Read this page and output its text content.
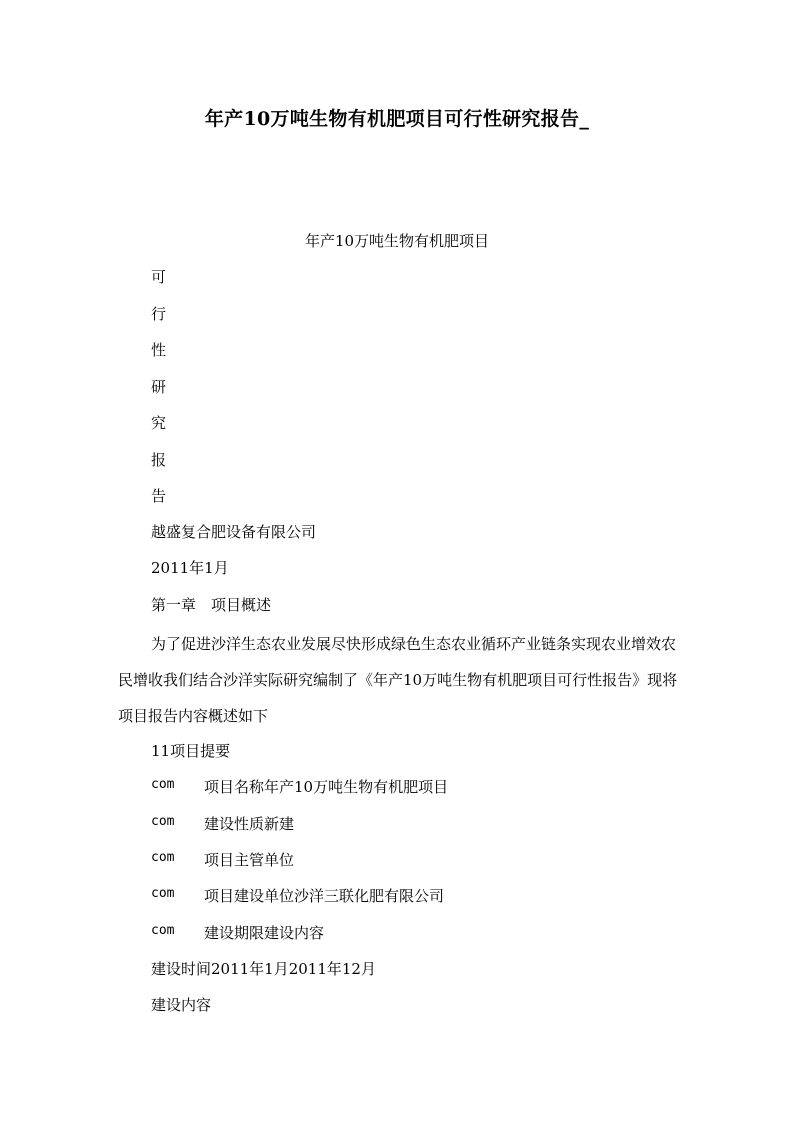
年产10万吨生物有机肥项目可行性研究报告_
年产10万吨生物有机肥项目
可
行
性
研
究
报
告
越盛复合肥设备有限公司
2011年1月
第一章　项目概述
为了促进沙洋生态农业发展尽快形成绿色生态农业循环产业链条实现农业增效农民增收我们结合沙洋实际研究编制了《年产10万吨生物有机肥项目可行性报告》现将项目报告内容概述如下
11项目提要
com 项目名称年产10万吨生物有机肥项目
com 建设性质新建
com 项目主管单位
com 项目建设单位沙洋三联化肥有限公司
com 建设期限建设内容
建设时间2011年1月2011年12月
建设内容
